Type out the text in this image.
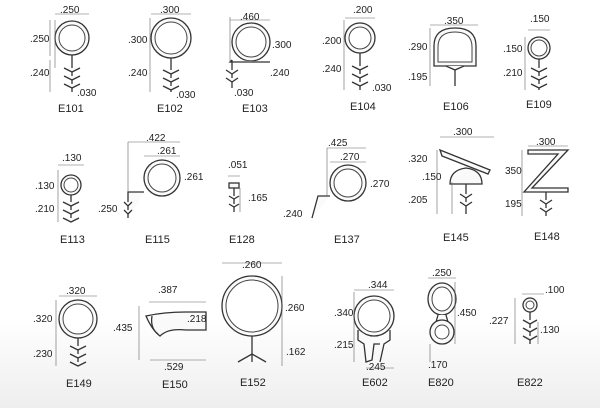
.250
.250
.240
.030
E101
.300
.300
.240
.030
E102
.460
.300
.240
.030
E103
.200
.200
.240
.030
E104
.350
.290
.195
E106
.150
.150
.210
E109
.130
.130
.210
E113
.422
.261
.261
.250
E115
.051
.165
E128
.425
.270
.270
.240
E137
.300
.320
.150
.205
E145
.300
350
195
E148
.320
.320
.230
E149
.387
.435
.218
.529
E150
.260
.260
.162
E152
.344
.340
.215
.245
E602
.250
.450
.170
E820
.100
.227
.130
E822
